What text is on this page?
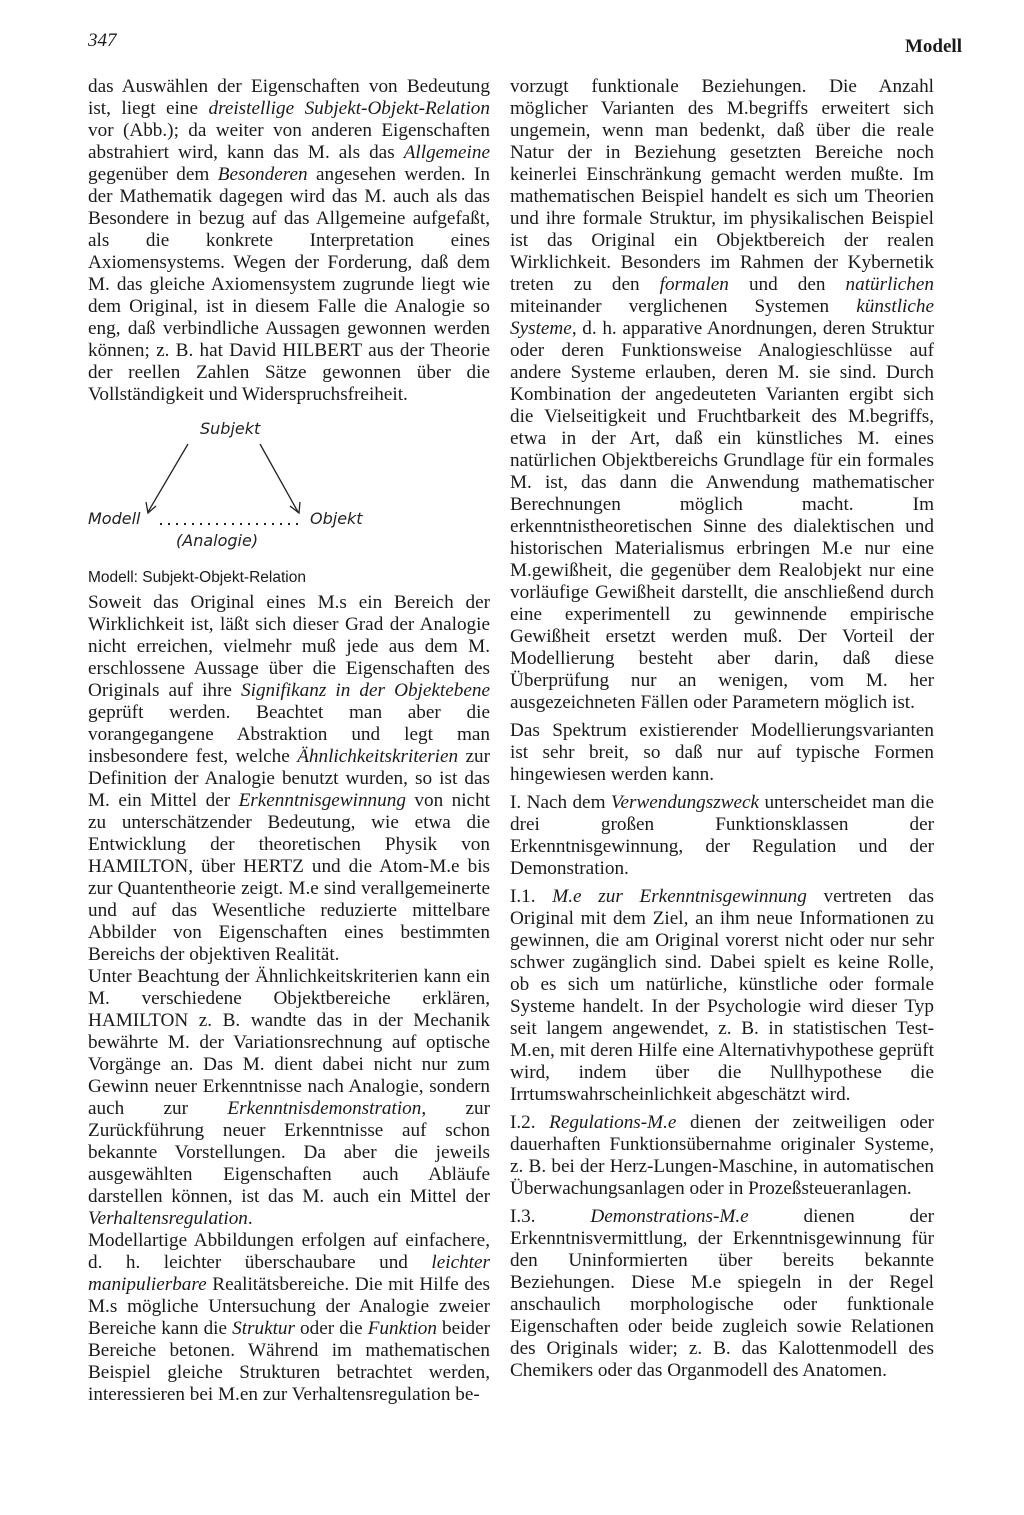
347	Modell

das Auswählen der Eigenschaften von Bedeutung ist, liegt eine dreistellige Subjekt-Objekt-Relation vor (Abb.); da weiter von anderen Eigenschaften abstrahiert wird, kann das M. als das Allgemeine gegenüber dem Besonderen angesehen werden. In der Mathematik dagegen wird das M. auch als das Besondere in bezug auf das Allgemeine aufgefaßt, als die konkrete Interpretation eines Axiomensystems. Wegen der Forderung, daß dem M. das gleiche Axiomensystem zugrunde liegt wie dem Original, ist in diesem Falle die Analogie so eng, daß verbindliche Aussagen gewonnen werden können; z. B. hat David HILBERT aus der Theorie der reellen Zahlen Sätze gewonnen über die Vollständigkeit und Widerspruchsfreiheit.

Subjekt
Modell	Objekt
(Analogie)
Modell: Subjekt-Objekt-Relation

Soweit das Original eines M.s ein Bereich der Wirklichkeit ist, läßt sich dieser Grad der Analogie nicht erreichen, vielmehr muß jede aus dem M. erschlossene Aussage über die Eigenschaften des Originals auf ihre Signifikanz in der Objektebene geprüft werden. Beachtet man aber die vorangegangene Abstraktion und legt man insbesondere fest, welche Ähnlichkeitskriterien zur Definition der Analogie benutzt wurden, so ist das M. ein Mittel der Erkenntnisgewinnung von nicht zu unterschätzender Bedeutung, wie etwa die Entwicklung der theoretischen Physik von HAMILTON, über HERTZ und die Atom-M.e bis zur Quantentheorie zeigt. M.e sind verallgemeinerte und auf das Wesentliche reduzierte mittelbare Abbilder von Eigenschaften eines bestimmten Bereichs der objektiven Realität.

Unter Beachtung der Ähnlichkeitskriterien kann ein M. verschiedene Objektbereiche erklären, HAMILTON z. B. wandte das in der Mechanik bewährte M. der Variationsrechnung auf optische Vorgänge an. Das M. dient dabei nicht nur zum Gewinn neuer Erkenntnisse nach Analogie, sondern auch zur Erkenntnisdemonstration, zur Zurückführung neuer Erkenntnisse auf schon bekannte Vorstellungen. Da aber die jeweils ausgewählten Eigenschaften auch Abläufe darstellen können, ist das M. auch ein Mittel der Verhaltensregulation.

Modellartige Abbildungen erfolgen auf einfachere, d. h. leichter überschaubare und leichter manipulierbare Realitätsbereiche. Die mit Hilfe des M.s mögliche Untersuchung der Analogie zweier Bereiche kann die Struktur oder die Funktion beider Bereiche betonen. Während im mathematischen Beispiel gleiche Strukturen betrachtet werden, interessieren bei M.en zur Verhaltensregulation be-

vorzugt funktionale Beziehungen. Die Anzahl möglicher Varianten des M.begriffs erweitert sich ungemein, wenn man bedenkt, daß über die reale Natur der in Beziehung gesetzten Bereiche noch keinerlei Einschränkung gemacht werden mußte. Im mathematischen Beispiel handelt es sich um Theorien und ihre formale Struktur, im physikalischen Beispiel ist das Original ein Objektbereich der realen Wirklichkeit. Besonders im Rahmen der Kybernetik treten zu den formalen und den natürlichen miteinander verglichenen Systemen künstliche Systeme, d. h. apparative Anordnungen, deren Struktur oder deren Funktionsweise Analogieschlüsse auf andere Systeme erlauben, deren M. sie sind. Durch Kombination der angedeuteten Varianten ergibt sich die Vielseitigkeit und Fruchtbarkeit des M.begriffs, etwa in der Art, daß ein künstliches M. eines natürlichen Objektbereichs Grundlage für ein formales M. ist, das dann die Anwendung mathematischer Berechnungen möglich macht. Im erkenntnistheoretischen Sinne des dialektischen und historischen Materialismus erbringen M.e nur eine M.gewißheit, die gegenüber dem Realobjekt nur eine vorläufige Gewißheit darstellt, die anschließend durch eine experimentell zu gewinnende empirische Gewißheit ersetzt werden muß. Der Vorteil der Modellierung besteht aber darin, daß diese Überprüfung nur an wenigen, vom M. her ausgezeichneten Fällen oder Parametern möglich ist.

Das Spektrum existierender Modellierungsvarianten ist sehr breit, so daß nur auf typische Formen hingewiesen werden kann.

I. Nach dem Verwendungszweck unterscheidet man die drei großen Funktionsklassen der Erkenntnisgewinnung, der Regulation und der Demonstration.

I.1. M.e zur Erkenntnisgewinnung vertreten das Original mit dem Ziel, an ihm neue Informationen zu gewinnen, die am Original vorerst nicht oder nur sehr schwer zugänglich sind. Dabei spielt es keine Rolle, ob es sich um natürliche, künstliche oder formale Systeme handelt. In der Psychologie wird dieser Typ seit langem angewendet, z. B. in statistischen Test-M.en, mit deren Hilfe eine Alternativhypothese geprüft wird, indem über die Nullhypothese die Irrtumswahrscheinlichkeit abgeschätzt wird.

I.2. Regulations-M.e dienen der zeitweiligen oder dauerhaften Funktionsübernahme originaler Systeme, z. B. bei der Herz-Lungen-Maschine, in automatischen Überwachungsanlagen oder in Prozeßsteueranlagen.

I.3. Demonstrations-M.e dienen der Erkenntnisvermittlung, der Erkenntnisgewinnung für den Uninformierten über bereits bekannte Beziehungen. Diese M.e spiegeln in der Regel anschaulich morphologische oder funktionale Eigenschaften oder beide zugleich sowie Relationen des Originals wider; z. B. das Kalottenmodell des Chemikers oder das Organmodell des Anatomen.
